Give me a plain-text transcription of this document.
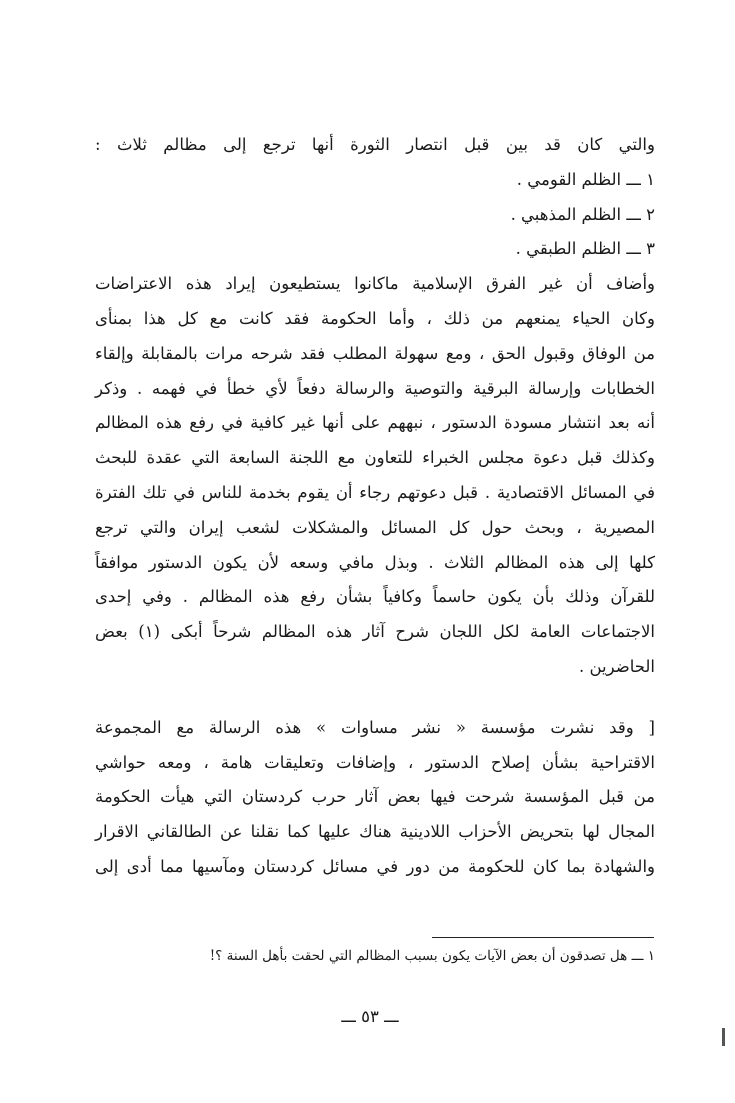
والتي كان قد بين قبل انتصار الثورة أنها ترجع إلى مظالم ثلاث :
١ ـــ الظلم القومي .
٢ ـــ الظلم المذهبي .
٣ ـــ الظلم الطبقي .
وأضاف أن غير الفرق الإسلامية ماكانوا يستطيعون إيراد هذه الاعتراضات
وكان الحياء يمنعهم من ذلك ، وأما الحكومة فقد كانت مع كل هذا بمنأى
من الوفاق وقبول الحق ، ومع سهولة المطلب فقد شرحه مرات بالمقابلة وإلقاء
الخطابات وإرسالة البرقية والتوصية والرسالة دفعاً لأي خطأ في فهمه . وذكر
أنه بعد انتشار مسودة الدستور ، نبههم على أنها غير كافية في رفع هذه المظالم
وكذلك قبل دعوة مجلس الخبراء للتعاون مع اللجنة السابعة التي عقدة للبحث
في المسائل الاقتصادية . قبل دعوتهم رجاء أن يقوم بخدمة للناس في تلك الفترة
المصيرية ، وبحث حول كل المسائل والمشكلات لشعب إيران والتي ترجع
كلها إلى هذه المظالم الثلاث . وبذل مافي وسعه لأن يكون الدستور موافقاً
للقرآن وذلك بأن يكون حاسماً وكافياً بشأن رفع هذه المظالم . وفي إحدى
الاجتماعات العامة لكل اللجان شرح آثار هذه المظالم شرحاً أبكى (١) بعض
الحاضرين .
[ وقد نشرت مؤسسة « نشر مساوات » هذه الرسالة مع المجموعة
الاقتراحية بشأن إصلاح الدستور ، وإضافات وتعليقات هامة ، ومعه حواشي
من قبل المؤسسة شرحت فيها بعض آثار حرب كردستان التي هيأت الحكومة
المجال لها بتحريض الأحزاب اللادينية هناك عليها كما نقلنا عن الطالقاني الاقرار
والشهادة بما كان للحكومة من دور في مسائل كردستان ومآسيها مما أدى إلى
١ ـــ هل تصدقون أن بعض الآيات يكون بسبب المظالم التي لحقت بأهل السنة ؟!
ـــ ٥٣ ـــ
